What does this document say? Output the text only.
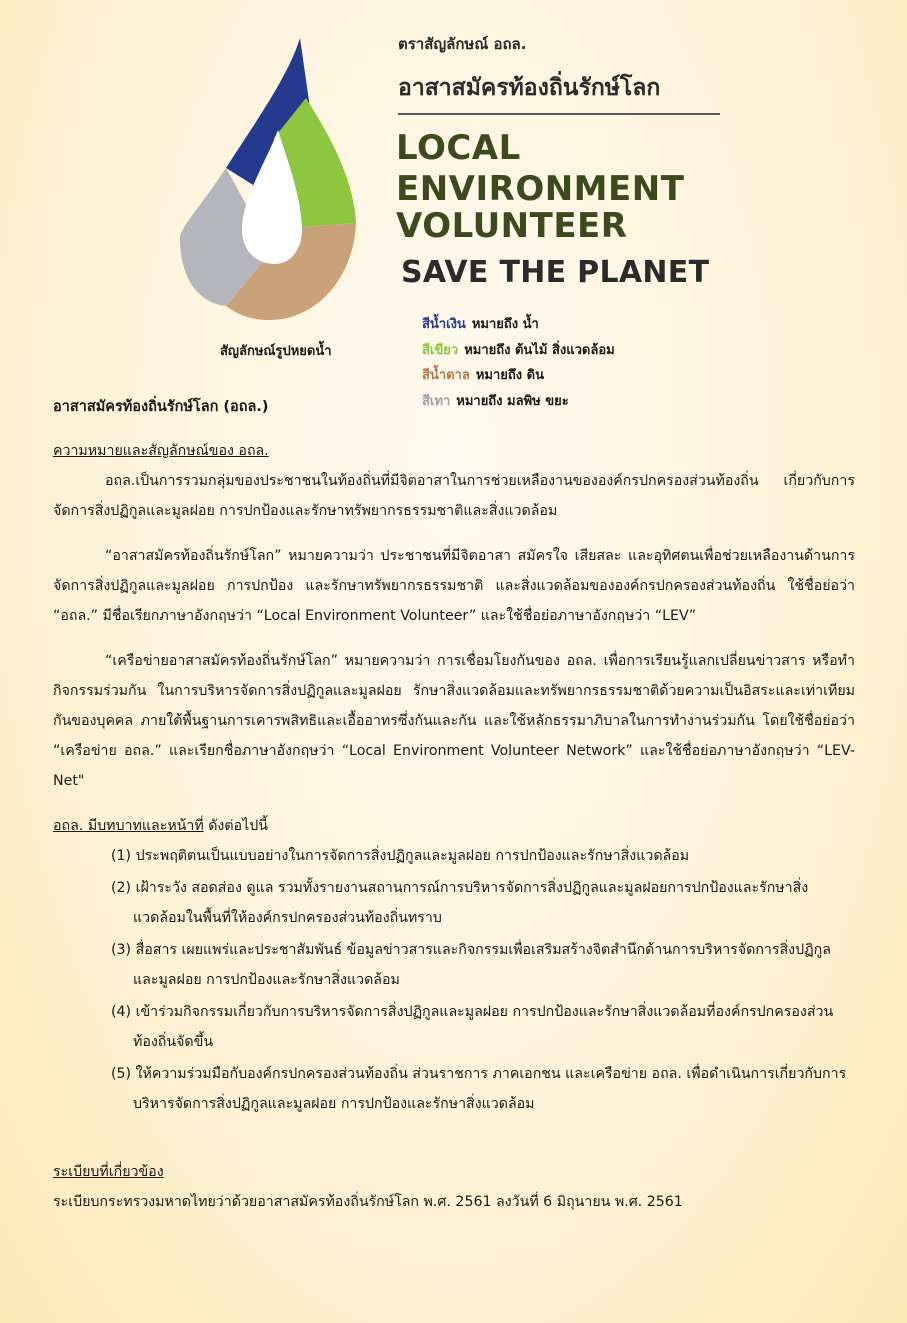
สัญลักษณ์รูปหยดน้ำ
ตราสัญลักษณ์ อถล.
อาสาสมัครท้องถิ่นรักษ์โลก
LOCAL
ENVIRONMENT
VOLUNTEER
SAVE THE PLANET
สีน้ำเงิน หมายถึง น้ำ
สีเขียว หมายถึง ต้นไม้ สิ่งแวดล้อม
สีน้ำตาล หมายถึง ดิน
สีเทา หมายถึง มลพิษ ขยะ

อาสาสมัครท้องถิ่นรักษ์โลก (อถล.)

ความหมายและสัญลักษณ์ของ อถล.

อถล.เป็นการรวมกลุ่มของประชาชนในท้องถิ่นที่มีจิตอาสาในการช่วยเหลืองานขององค์กรปกครองส่วนท้องถิ่น เกี่ยวกับการจัดการสิ่งปฏิกูลและมูลฝอย การปกป้องและรักษาทรัพยากรธรรมชาติและสิ่งแวดล้อม

“อาสาสมัครท้องถิ่นรักษ์โลก” หมายความว่า ประชาชนที่มีจิตอาสา สมัครใจ เสียสละ และอุทิศตนเพื่อช่วยเหลืองานด้านการจัดการสิ่งปฏิกูลและมูลฝอย การปกป้อง และรักษาทรัพยากรธรรมชาติ และสิ่งแวดล้อมขององค์กรปกครองส่วนท้องถิ่น ใช้ชื่อย่อว่า “อถล.” มีชื่อเรียกภาษาอังกฤษว่า “Local Environment Volunteer” และใช้ชื่อย่อภาษาอังกฤษว่า “LEV”

“เครือข่ายอาสาสมัครท้องถิ่นรักษ์โลก” หมายความว่า การเชื่อมโยงกันของ อถล. เพื่อการเรียนรู้แลกเปลี่ยนข่าวสาร หรือทำกิจกรรมร่วมกัน ในการบริหารจัดการสิ่งปฏิกูลและมูลฝอย รักษาสิ่งแวดล้อมและทรัพยากรธรรมชาติด้วยความเป็นอิสระและเท่าเทียมกันของบุคคล ภายใต้พื้นฐานการเคารพสิทธิและเอื้ออาทรซึ่งกันและกัน และใช้หลักธรรมาภิบาลในการทำงานร่วมกัน โดยใช้ชื่อย่อว่า “เครือข่าย อถล.” และเรียกชื่อภาษาอังกฤษว่า “Local Environment Volunteer Network” และใช้ชื่อย่อภาษาอังกฤษว่า “LEV-Net"

อถล. มีบทบาทและหน้าที่ ดังต่อไปนี้

(1) ประพฤติตนเป็นแบบอย่างในการจัดการสิ่งปฏิกูลและมูลฝอย การปกป้องและรักษาสิ่งแวดล้อม
(2) เฝ้าระวัง สอดส่อง ดูแล รวมทั้งรายงานสถานการณ์การบริหารจัดการสิ่งปฏิกูลและมูลฝอยการปกป้องและรักษาสิ่งแวดล้อมในพื้นที่ให้องค์กรปกครองส่วนท้องถิ่นทราบ
(3) สื่อสาร เผยแพร่และประชาสัมพันธ์ ข้อมูลข่าวสารและกิจกรรมเพื่อเสริมสร้างจิตสำนึกด้านการบริหารจัดการสิ่งปฏิกูลและมูลฝอย การปกป้องและรักษาสิ่งแวดล้อม
(4) เข้าร่วมกิจกรรมเกี่ยวกับการบริหารจัดการสิ่งปฏิกูลและมูลฝอย การปกป้องและรักษาสิ่งแวดล้อมที่องค์กรปกครองส่วนท้องถิ่นจัดขึ้น
(5) ให้ความร่วมมือกับองค์กรปกครองส่วนท้องถิ่น ส่วนราชการ ภาคเอกชน และเครือข่าย อถล. เพื่อดำเนินการเกี่ยวกับการบริหารจัดการสิ่งปฏิกูลและมูลฝอย การปกป้องและรักษาสิ่งแวดล้อม

ระเบียบที่เกี่ยวข้อง

ระเบียบกระทรวงมหาดไทยว่าด้วยอาสาสมัครท้องถิ่นรักษ์โลก พ.ศ. 2561 ลงวันที่ 6 มิถุนายน พ.ศ. 2561
